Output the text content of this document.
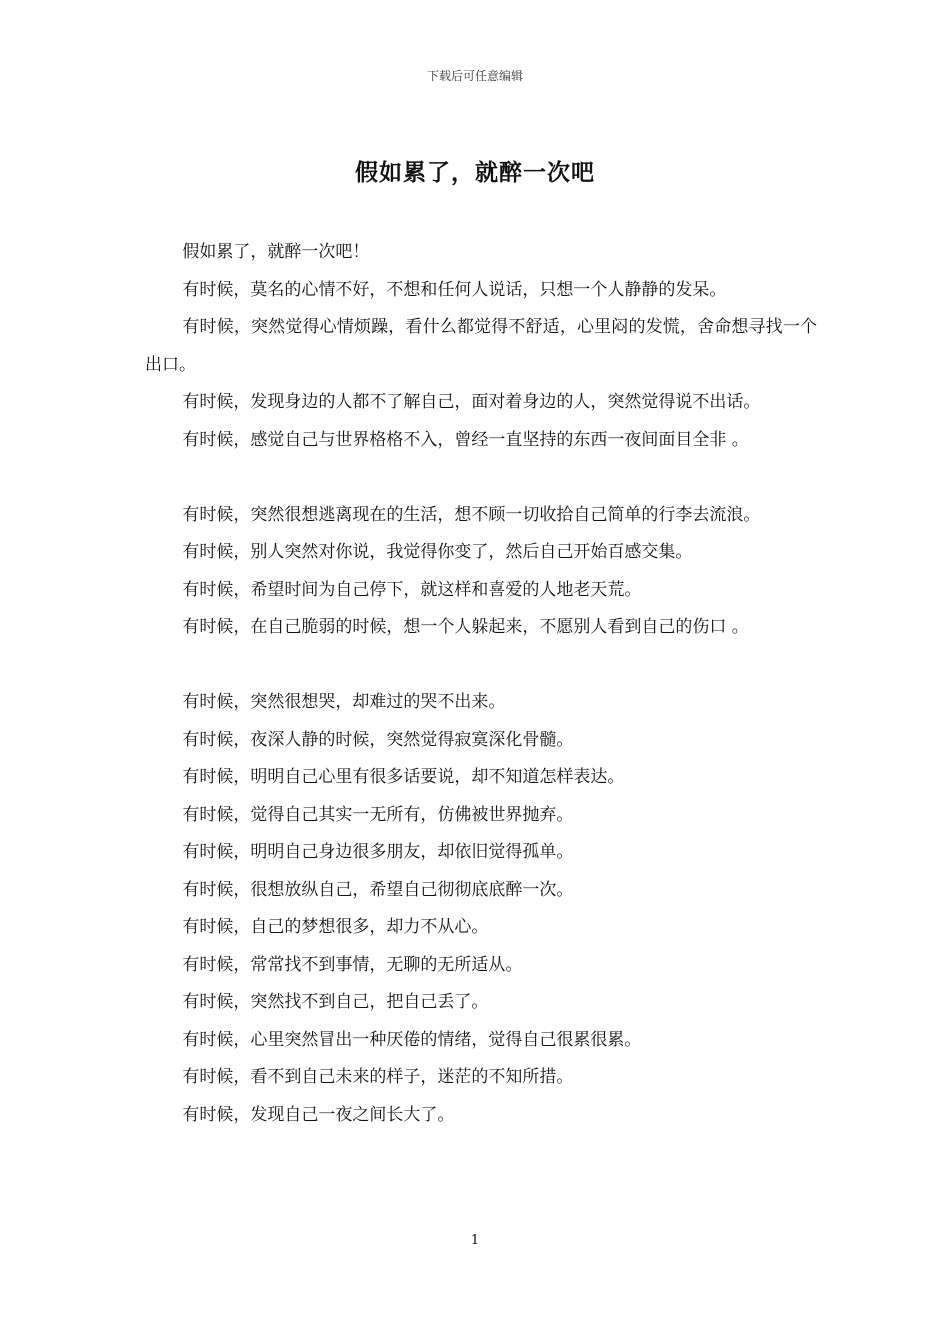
下载后可任意编辑
假如累了，就醉一次吧

假如累了，就醉一次吧！

有时候，莫名的心情不好，不想和任何人说话，只想一个人静静的发呆。

有时候，突然觉得心情烦躁，看什么都觉得不舒适，心里闷的发慌，舍命想寻找一个出口。

有时候，发现身边的人都不了解自己，面对着身边的人，突然觉得说不出话。

有时候，感觉自己与世界格格不入，曾经一直坚持的东西一夜间面目全非 。

有时候，突然很想逃离现在的生活，想不顾一切收拾自己简单的行李去流浪。

有时候，别人突然对你说，我觉得你变了，然后自己开始百感交集。

有时候，希望时间为自己停下，就这样和喜爱的人地老天荒。

有时候，在自己脆弱的时候，想一个人躲起来，不愿别人看到自己的伤口 。

有时候，突然很想哭，却难过的哭不出来。

有时候，夜深人静的时候，突然觉得寂寞深化骨髓。

有时候，明明自己心里有很多话要说，却不知道怎样表达。

有时候，觉得自己其实一无所有，仿佛被世界抛弃。

有时候，明明自己身边很多朋友，却依旧觉得孤单。

有时候，很想放纵自己，希望自己彻彻底底醉一次。

有时候，自己的梦想很多，却力不从心。

有时候，常常找不到事情，无聊的无所适从。

有时候，突然找不到自己，把自己丢了。

有时候，心里突然冒出一种厌倦的情绪，觉得自己很累很累。

有时候，看不到自己未来的样子，迷茫的不知所措。

有时候，发现自己一夜之间长大了。

1
